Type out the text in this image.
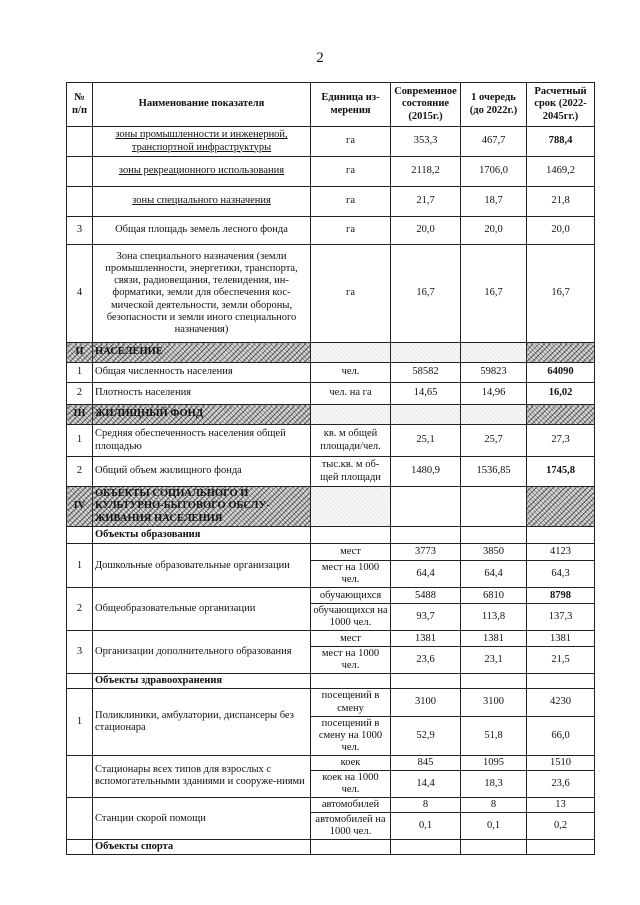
2
№ п/п	Наименование показателя	Единица из-мерения	Современное состояние (2015г.)	1 очередь (до 2022г.)	Расчетный срок (2022-2045гг.)
	зоны промышленности и инженерной, транспортной инфраструктуры	га	353,3	467,7	788,4
	зоны рекреационного использования	га	2118,2	1706,0	1469,2
	зоны специального назначения	га	21,7	18,7	21,8
3	Общая площадь земель лесного фонда	га	20,0	20,0	20,0
4	Зона специального назначения (земли промышленности, энергетики, транспорта, связи, радиовещания, телевидения, ин-форматики, земли для обеспечения кос-мической деятельности, земли обороны, безопасности и земли иного специального назначения)	га	16,7	16,7	16,7
II	НАСЕЛЕНИЕ				
1	Общая численность населения	чел.	58582	59823	64090
2	Плотность населения	чел. на га	14,65	14,96	16,02
III	ЖИЛИЩНЫЙ ФОНД				
1	Средняя обеспеченность населения общей площадью	кв. м общей площади/чел.	25,1	25,7	27,3
2	Общий объем жилищного фонда	тыс.кв. м об-щей площади	1480,9	1536,85	1745,8
IV	ОБЪЕКТЫ СОЦИАЛЬНОГО И КУЛЬТУРНО-БЫТОВОГО ОБСЛУ-ЖИВАНИЯ НАСЕЛЕНИЯ				
	Объекты образования				
1	Дошкольные образовательные организации	мест	3773	3850	4123
		мест на 1000 чел.	64,4	64,4	64,3
2	Общеобразовательные организации	обучающихся	5488	6810	8798
		обучающихся на 1000 чел.	93,7	113,8	137,3
3	Организации дополнительного образования	мест	1381	1381	1381
		мест на 1000 чел.	23,6	23,1	21,5
	Объекты здравоохранения				
1	Поликлиники, амбулатории, диспансеры без стационара	посещений в смену	3100	3100	4230
		посещений в смену на 1000 чел.	52,9	51,8	66,0
	Стационары всех типов для взрослых с вспомогательными зданиями и сооруже-ниями	коек	845	1095	1510
		коек на 1000 чел.	14,4	18,3	23,6
	Станции скорой помощи	автомобилей	8	8	13
		автомобилей на 1000 чел.	0,1	0,1	0,2
	Объекты спорта				
